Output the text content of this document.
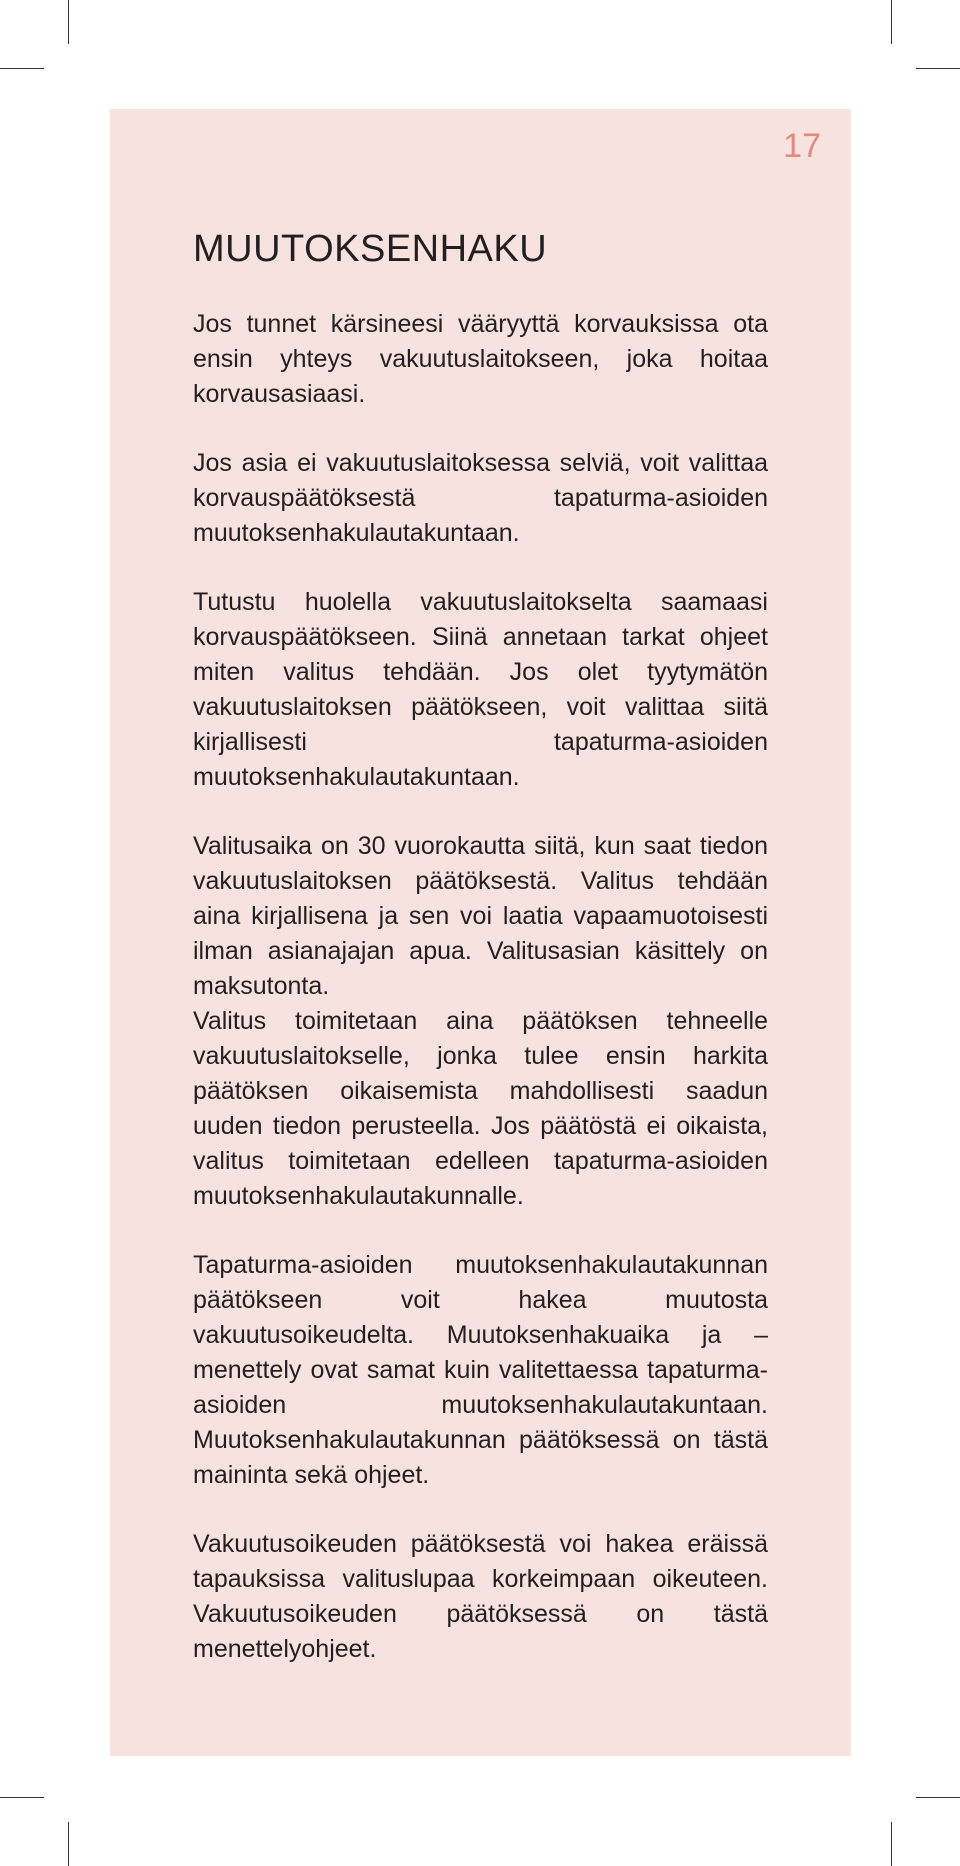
17
MUUTOKSENHAKU

Jos tunnet kärsineesi vääryyttä korvauksissa ota ensin yhteys vakuutuslaitokseen, joka hoitaa korvausasiaasi.

Jos asia ei vakuutuslaitoksessa selviä, voit valittaa korvauspäätöksestä tapaturma-asioiden muutoksenhakulautakuntaan.

Tutustu huolella vakuutuslaitokselta saamaasi korvauspäätökseen. Siinä annetaan tarkat ohjeet miten valitus tehdään. Jos olet tyytymätön vakuutuslaitoksen päätökseen, voit valittaa siitä kirjallisesti tapaturma-asioiden muutoksenhakulautakuntaan.

Valitusaika on 30 vuorokautta siitä, kun saat tiedon vakuutuslaitoksen päätöksestä. Valitus tehdään aina kirjallisena ja sen voi laatia vapaamuotoisesti ilman asianajajan apua. Valitusasian käsittely on maksutonta.

Valitus toimitetaan aina päätöksen tehneelle vakuutuslaitokselle, jonka tulee ensin harkita päätöksen oikaisemista mahdollisesti saadun uuden tiedon perusteella. Jos päätöstä ei oikaista, valitus toimitetaan edelleen tapaturma-asioiden muutoksenhakulautakunnalle.

Tapaturma-asioiden muutoksenhakulautakunnan päätökseen voit hakea muutosta vakuutusoikeudelta. Muutoksenhakuaika ja – menettely ovat samat kuin valitettaessa tapaturma-asioiden muutoksenhakulautakuntaan. Muutoksenhakulautakunnan päätöksessä on tästä maininta sekä ohjeet.

Vakuutusoikeuden päätöksestä voi hakea eräissä tapauksissa valituslupaa korkeimpaan oikeuteen. Vakuutusoikeuden päätöksessä on tästä menettelyohjeet.
